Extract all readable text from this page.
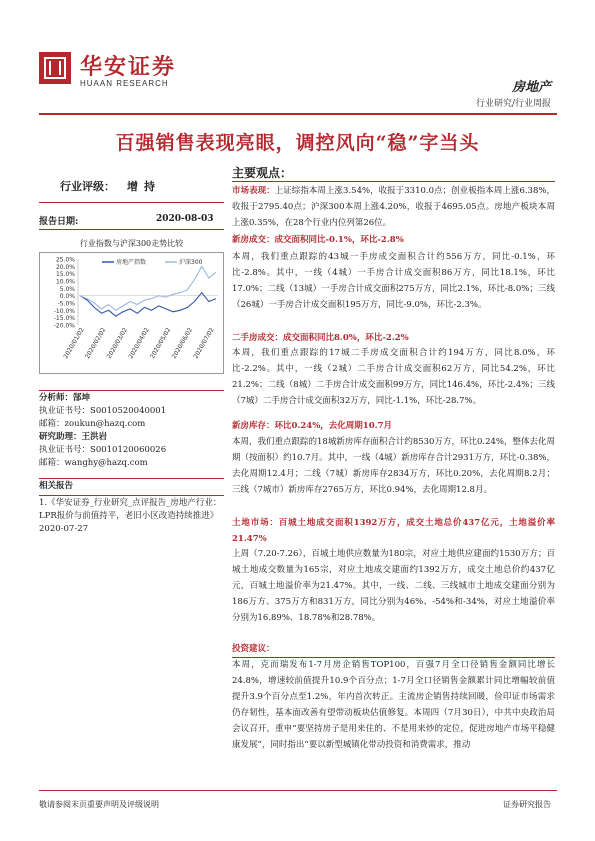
华安证券
HUAAN RESEARCH	房地产
行业研究/行业周报
百强销售表现亮眼，调控风向“稳”字当头
行业评级： 增持
报告日期:	2020-08-03
行业指数与沪深300走势比较
25.0%
20.0%
15.0%
10.0%
5.0%
0.0%
-5.0%
-10.0%
-15.0%
-20.0%
2020/01/02
2020/02/02
2020/03/02
2020/04/02
2020/05/02
2020/06/02
2020/07/02
房地产指数	沪深300
分析师：郜坤
执业证书号：S0010520040001
邮箱：zoukun@hazq.com
研究助理：王洪岩
执业证书号：S0010120060026
邮箱：wanghy@hazq.com
相关报告
1.《华安证券_行业研究_点评报告_房地产行业：LPR报价与前值持平，老旧小区改造持续推进》2020-07-27
主要观点：
市场表现：上证综指本周上涨3.54%，收报于3310.0点；创业板指本周上涨6.38%，收报于2795.40点；沪深300本周上涨4.20%，收报于4695.05点。房地产板块本周上涨0.35%，在28个行业内位列第26位。
新房成交：成交面积同比-0.1%，环比-2.8%
本周，我们重点跟踪的43城一手房成交面积合计约556万方，同比-0.1%，环比-2.8%。其中，一线（4城）一手房合计成交面积86万方，同比18.1%，环比17.0%；二线（13城）一手房合计成交面积275万方，同比2.1%，环比-8.0%；三线（26城）一手房合计成交面积195万方，同比-9.0%，环比-2.3%。
二手房成交：成交面积同比8.0%，环比-2.2%
本周，我们重点跟踪的17城二手房成交面积合计约194万方，同比8.0%，环比-2.2%。其中，一线（2城）二手房合计成交面积62万方，同比54.2%，环比21.2%；二线（8城）二手房合计成交面积99万方，同比146.4%，环比-2.4%；三线（7城）二手房合计成交面积32万方，同比-1.1%，环比-28.7%。
新房库存：环比0.24%，去化周期10.7月
本周，我们重点跟踪的18城新房库存面积合计约8530万方，环比0.24%，整体去化周期（按面积）约10.7月。其中，一线（4城）新房库存合计2931万方，环比-0.38%，去化周期12.4月；二线（7城）新房库存2834万方，环比0.20%，去化周期8.2月；三线（7城市）新房库存2765万方，环比0.94%，去化周期12.8月。
土地市场：百城土地成交面积1392万方，成交土地总价437亿元，土地溢价率21.47%
上周（7.20-7.26），百城土地供应数量为180宗，对应土地供应建面约1530万方；百城土地成交数量为165宗，对应土地成交建面约1392万方，成交土地总价约437亿元，百城土地溢价率为21.47%。其中，一线、二线、三线城市土地成交建面分别为186万方、375万方和831万方，同比分别为46%、-54%和-34%，对应土地溢价率分别为16.89%、18.78%和28.78%。
投资建议：
本周，克而瑞发布1-7月房企销售TOP100，百强7月全口径销售金额同比增长24.8%，增速较前值提升10.9个百分点；1-7月全口径销售金额累计同比增幅较前值提升3.9个百分点至1.2%，年内首次转正。主流房企销售持续回暖，俭印证市场需求仍存韧性，基本面改善有望带动板块估值修复。本周四（7月30日），中共中央政治局会议召开，重申“要坚持房子是用来住的、不是用来炒的定位，促进房地产市场平稳健康发展”，同时指出“要以新型城镇化带动投资和消费需求，推动
敬请参阅末页重要声明及评级说明	证券研究报告
